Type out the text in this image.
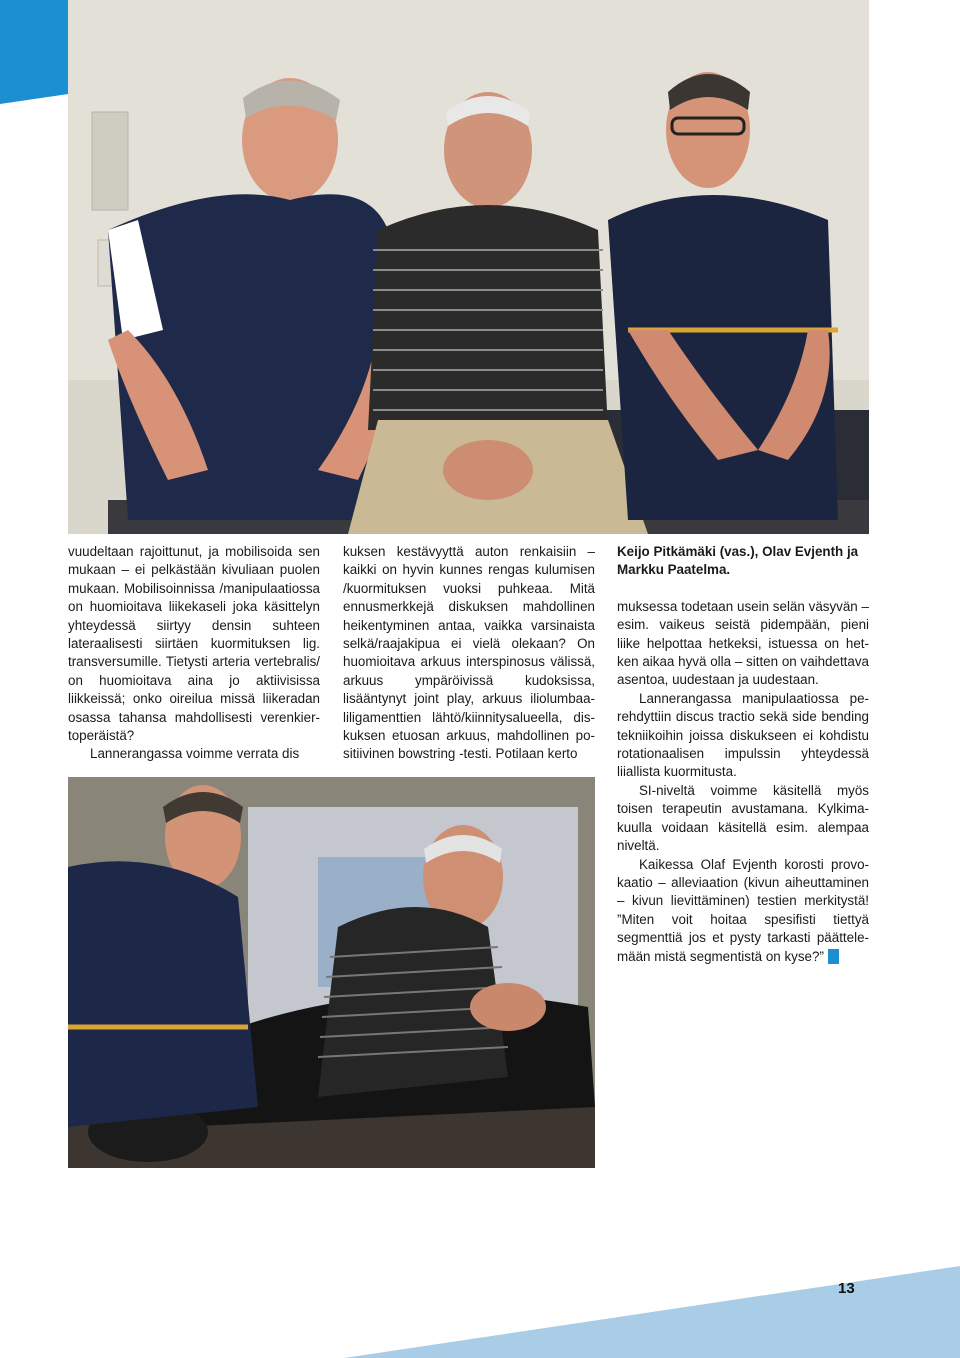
vuudeltaan rajoittunut, ja mobilisoida sen mukaan – ei pelkästään kivuliaan puolen mukaan. Mobilisoinnissa /manipulaatiossa on huomioitava liikekaseli joka käsittelyn yhteydessä siirtyy densin suhteen lateraalisesti siirtäen kuormituksen lig. transversumille. Tietysti arteria vertebralis/ on huomioitava aina jo aktiivisissa liikkeissä; onko oireilua missä liikeradan osassa tahansa mahdollisesti verenkiertoperäistä?

Lannerangassa voimme verrata dis

kuksen kestävyyttä auton renkaisiin – kaikki on hyvin kunnes rengas kulumisen /kuormituksen vuoksi puhkeaa. Mitä ennusmerkkejä diskuksen mahdollinen heikentyminen antaa, vaikka varsinaista selkä/raajakipua ei vielä olekaan? On huomioitava arkuus interspinosus välissä, arkuus ympäröivissä kudoksissa, lisääntynyt joint play, arkuus iliolumbaaliligamenttien lähtö/kiinnitysalueella, diskuksen etuosan arkuus, mahdollinen positiivinen bowstring -testi. Potilaan kerto

Keijo Pitkämäki (vas.), Olav Evjenth ja Markku Paatelma.

muksessa todetaan usein selän väsyvän – esim. vaikeus seistä pidempään, pieni liike helpottaa hetkeksi, istuessa on hetken aikaa hyvä olla – sitten on vaihdettava asentoa, uudestaan ja uudestaan.

Lannerangassa manipulaatiossa perehdyttiin discus tractio sekä side bending tekniikoihin joissa diskukseen ei kohdistu rotationaalisen impulssin yhteydessä liiallista kuormitusta.

SI-niveltä voimme käsitellä myös toisen terapeutin avustamana. Kylkimakuulla voidaan käsitellä esim. alempaa niveltä.

Kaikessa Olaf Evjenth korosti provokaatio – alleviaation (kivun aiheuttaminen – kivun lievittäminen) testien merkitystä! ”Miten voit hoitaa spesifisti tiettyä segmenttiä jos et pysty tarkasti päättelemään mistä segmentistä on kyse?”

13
